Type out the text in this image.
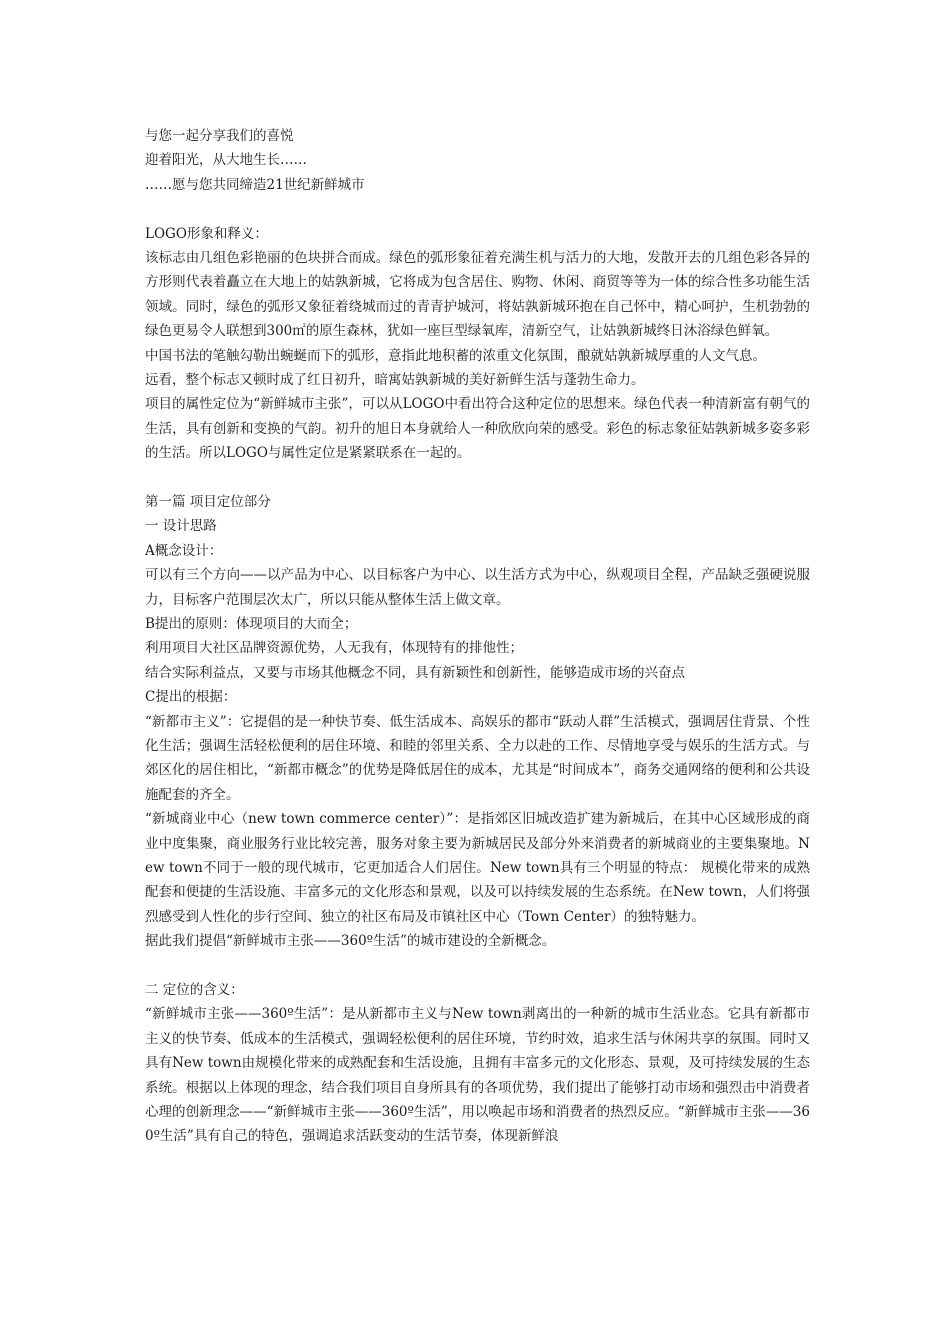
与您一起分享我们的喜悦
迎着阳光，从大地生长……
……愿与您共同缔造21世纪新鲜城市
LOGO形象和释义：
该标志由几组色彩艳丽的色块拼合而成。绿色的弧形象征着充满生机与活力的大地，发散开去的几组色彩各异的方形则代表着矗立在大地上的姑孰新城，它将成为包含居住、购物、休闲、商贸等等为一体的综合性多功能生活领域。同时，绿色的弧形又象征着绕城而过的青青护城河，将姑孰新城环抱在自己怀中，精心呵护，生机勃勃的绿色更易令人联想到300㎡的原生森林，犹如一座巨型绿氧库，清新空气，让姑孰新城终日沐浴绿色鲜氧。
中国书法的笔触勾勒出蜿蜒而下的弧形，意指此地积蓄的浓重文化氛围，酿就姑孰新城厚重的人文气息。
远看，整个标志又顿时成了红日初升，暗寓姑孰新城的美好新鲜生活与蓬勃生命力。
项目的属性定位为“新鲜城市主张”，可以从LOGO中看出符合这种定位的思想来。绿色代表一种清新富有朝气的生活，具有创新和变换的气韵。初升的旭日本身就给人一种欣欣向荣的感受。彩色的标志象征姑孰新城多姿多彩的生活。所以LOGO与属性定位是紧紧联系在一起的。
第一篇 项目定位部分
一 设计思路
A概念设计：
可以有三个方向——以产品为中心、以目标客户为中心、以生活方式为中心，纵观项目全程，产品缺乏强硬说服力，目标客户范围层次太广，所以只能从整体生活上做文章。
B提出的原则：体现项目的大而全；
利用项目大社区品牌资源优势，人无我有，体现特有的排他性；
结合实际利益点，又要与市场其他概念不同，具有新颖性和创新性，能够造成市场的兴奋点
C提出的根据：
“新都市主义”：它提倡的是一种快节奏、低生活成本、高娱乐的都市“跃动人群”生活模式，强调居住背景、个性化生活；强调生活轻松便利的居住环境、和睦的邻里关系、全力以赴的工作、尽情地享受与娱乐的生活方式。与郊区化的居住相比，“新都市概念”的优势是降低居住的成本，尤其是“时间成本”，商务交通网络的便利和公共设施配套的齐全。
“新城商业中心（new town commerce center）”：是指郊区旧城改造扩建为新城后，在其中心区域形成的商业中度集聚，商业服务行业比较完善，服务对象主要为新城居民及部分外来消费者的新城商业的主要集聚地。New town不同于一般的现代城市，它更加适合人们居住。New town具有三个明显的特点： 规模化带来的成熟配套和便捷的生活设施、丰富多元的文化形态和景观，以及可以持续发展的生态系统。在New town，人们将强烈感受到人性化的步行空间、独立的社区布局及市镇社区中心（Town Center）的独特魅力。
据此我们提倡“新鲜城市主张——360º生活”的城市建设的全新概念。
二 定位的含义：
“新鲜城市主张——360º生活”：是从新都市主义与New town剥离出的一种新的城市生活业态。它具有新都市主义的快节奏、低成本的生活模式，强调轻松便利的居住环境，节约时效，追求生活与休闲共享的氛围。同时又具有New town由规模化带来的成熟配套和生活设施，且拥有丰富多元的文化形态、景观，及可持续发展的生态系统。根据以上体现的理念，结合我们项目自身所具有的各项优势，我们提出了能够打动市场和强烈击中消费者心理的创新理念——“新鲜城市主张——360º生活”，用以唤起市场和消费者的热烈反应。“新鲜城市主张——360º生活”具有自己的特色，强调追求活跃变动的生活节奏，体现新鲜浪
